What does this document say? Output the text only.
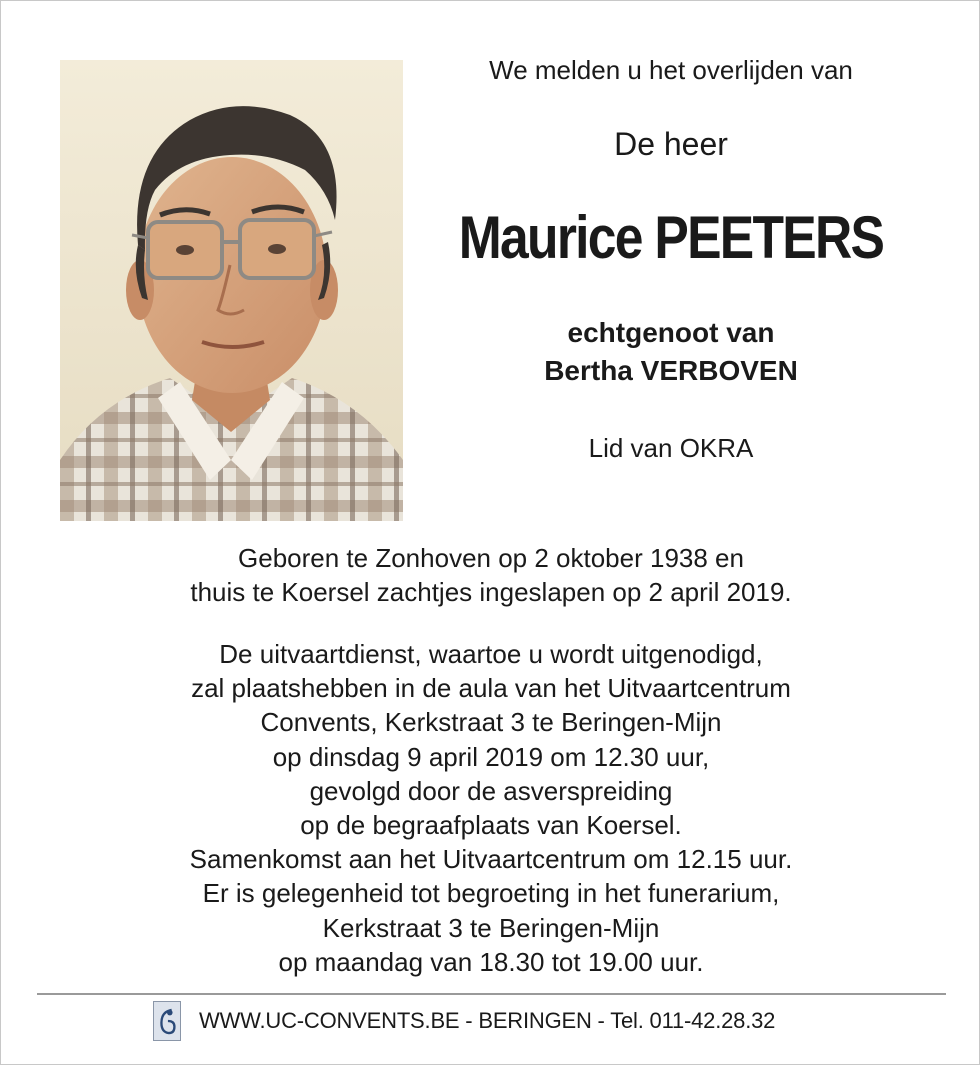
We melden u het overlijden van
De heer
Maurice PEETERS
echtgenoot van
Bertha VERBOVEN
Lid van OKRA
Geboren te Zonhoven op 2 oktober 1938 en
thuis te Koersel zachtjes ingeslapen op 2 april 2019.
De uitvaartdienst, waartoe u wordt uitgenodigd,
zal plaatshebben in de aula van het Uitvaartcentrum
Convents, Kerkstraat 3 te Beringen-Mijn
op dinsdag 9 april 2019 om 12.30 uur,
gevolgd door de asverspreiding
op de begraafplaats van Koersel.
Samenkomst aan het Uitvaartcentrum om 12.15 uur.
Er is gelegenheid tot begroeting in het funerarium,
Kerkstraat 3 te Beringen-Mijn
op maandag van 18.30 tot 19.00 uur.
WWW.UC-CONVENTS.BE - BERINGEN - Tel. 011-42.28.32
